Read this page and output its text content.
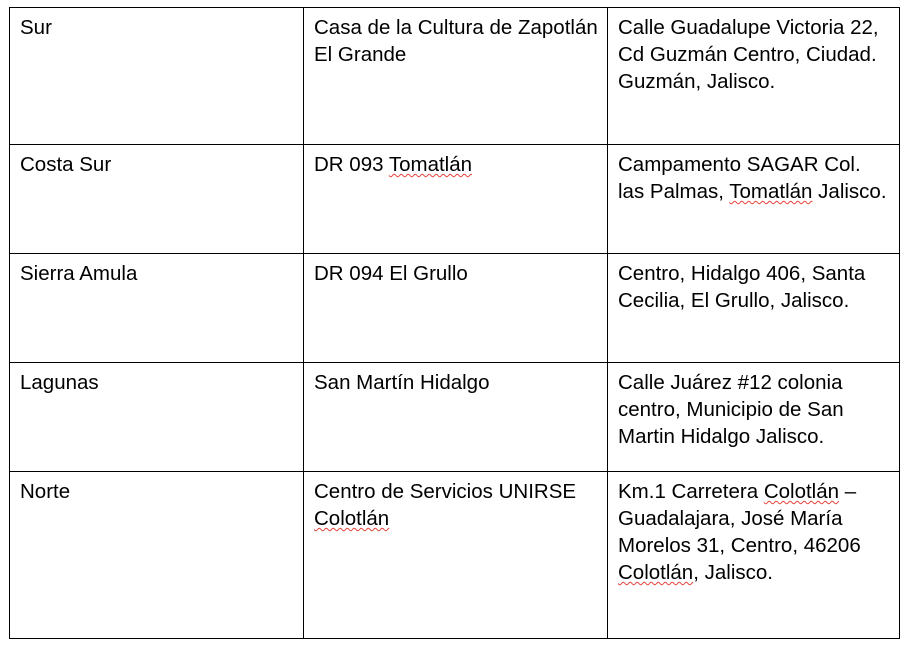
Sur	Casa de la Cultura de Zapotlán El Grande	Calle Guadalupe Victoria 22, Cd Guzmán Centro, Ciudad. Guzmán, Jalisco.

Costa Sur	DR 093 Tomatlán	Campamento SAGAR Col. las Palmas, Tomatlán Jalisco.

Sierra Amula	DR 094 El Grullo	Centro, Hidalgo 406, Santa Cecilia, El Grullo, Jalisco.

Lagunas	San Martín Hidalgo	Calle Juárez #12 colonia centro, Municipio de San Martin Hidalgo Jalisco.

Norte	Centro de Servicios UNIRSE Colotlán	Km.1 Carretera Colotlán – Guadalajara, José María Morelos 31, Centro, 46206 Colotlán, Jalisco.
